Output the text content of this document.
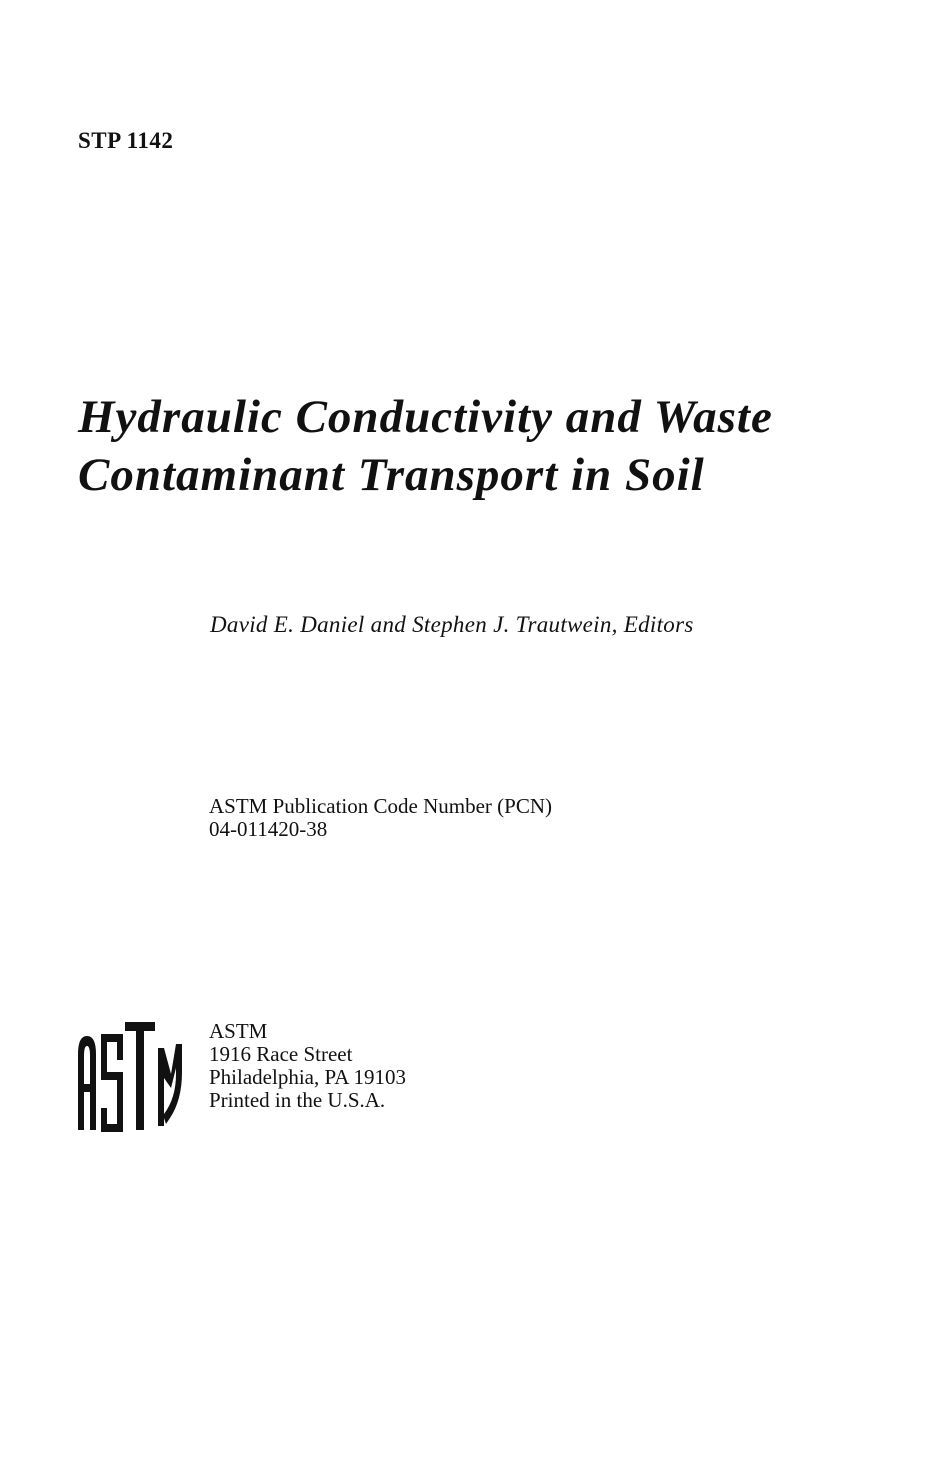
STP 1142
Hydraulic Conductivity and Waste
Contaminant Transport in Soil
David E. Daniel and Stephen J. Trautwein, Editors
ASTM Publication Code Number (PCN)
04-011420-38
ASTM
1916 Race Street
Philadelphia, PA 19103
Printed in the U.S.A.
